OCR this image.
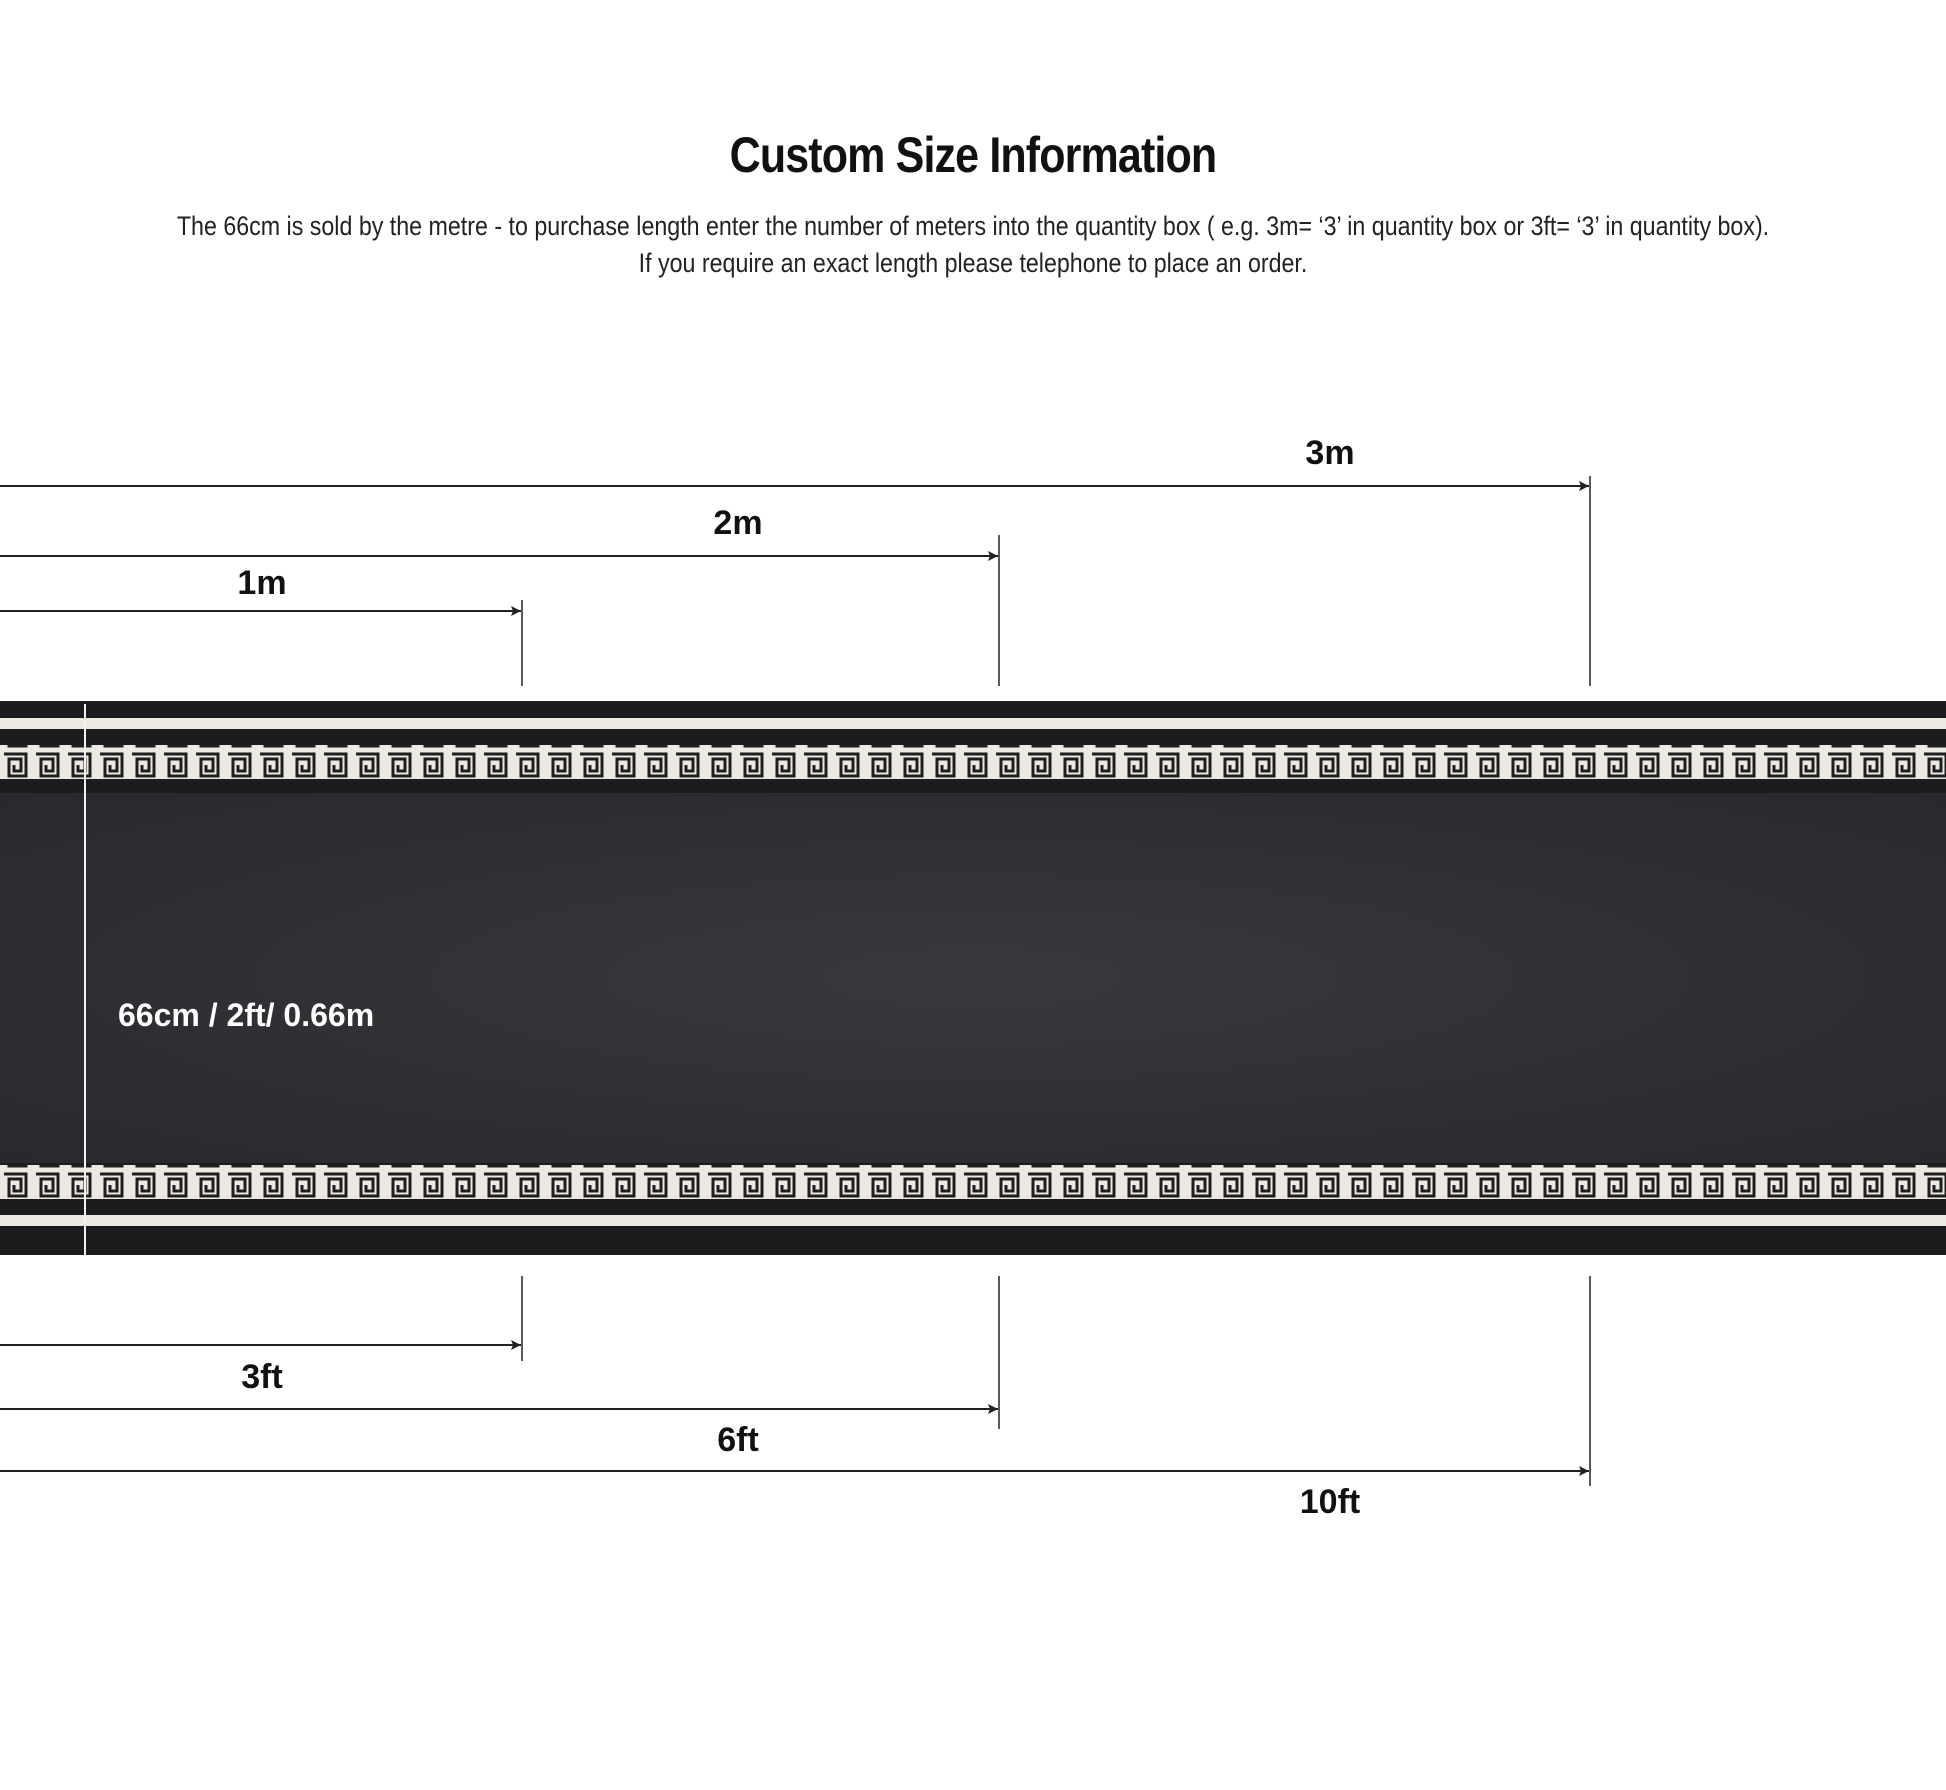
Custom Size Information
The 66cm is sold by the metre - to purchase length enter the number of meters into the quantity box ( e.g. 3m= ‘3’ in quantity box or 3ft= ‘3’ in quantity box).
If you require an exact length please telephone to place an order.
66cm / 2ft/ 0.66m
3m
2m
1m
3ft
6ft
10ft
